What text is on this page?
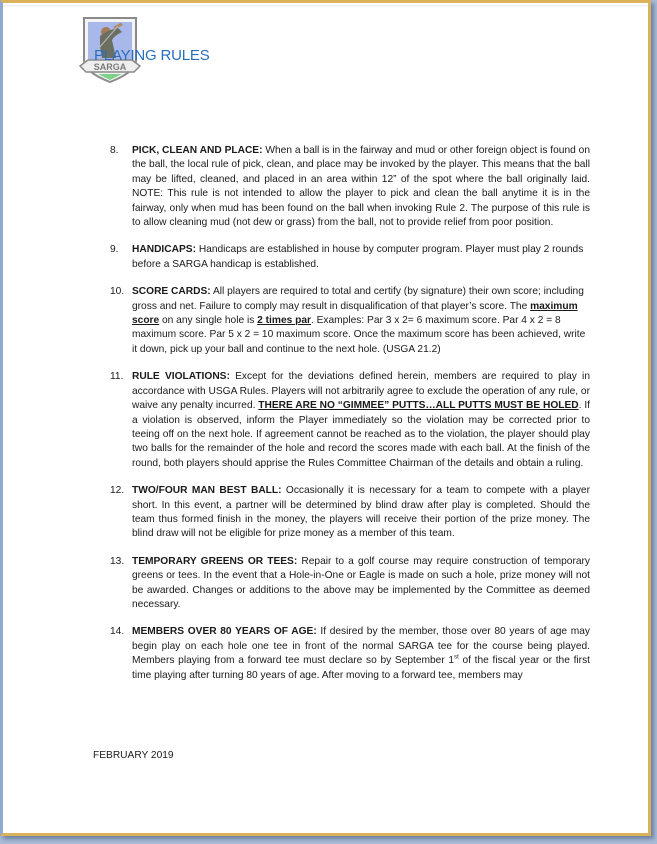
SARGA
PLAYING RULES
8.	PICK, CLEAN AND PLACE: When a ball is in the fairway and mud or other foreign object is found on the ball, the local rule of pick, clean, and place may be invoked by the player. This means that the ball may be lifted, cleaned, and placed in an area within 12” of the spot where the ball originally laid. NOTE: This rule is not intended to allow the player to pick and clean the ball anytime it is in the fairway, only when mud has been found on the ball when invoking Rule 2. The purpose of this rule is to allow cleaning mud (not dew or grass) from the ball, not to provide relief from poor position.
9.	HANDICAPS: Handicaps are established in house by computer program. Player must play 2 rounds before a SARGA handicap is established.
10. SCORE CARDS: All players are required to total and certify (by signature) their own score; including gross and net. Failure to comply may result in disqualification of that player’s score. The maximum score on any single hole is 2 times par. Examples: Par 3 x 2= 6 maximum score. Par 4 x 2 = 8 maximum score. Par 5 x 2 = 10 maximum score. Once the maximum score has been achieved, write it down, pick up your ball and continue to the next hole. (USGA 21.2)
11. RULE VIOLATIONS: Except for the deviations defined herein, members are required to play in accordance with USGA Rules. Players will not arbitrarily agree to exclude the operation of any rule, or waive any penalty incurred. THERE ARE NO “GIMMEE” PUTTS…ALL PUTTS MUST BE HOLED. If a violation is observed, inform the Player immediately so the violation may be corrected prior to teeing off on the next hole. If agreement cannot be reached as to the violation, the player should play two balls for the remainder of the hole and record the scores made with each ball. At the finish of the round, both players should apprise the Rules Committee Chairman of the details and obtain a ruling.
12. TWO/FOUR MAN BEST BALL: Occasionally it is necessary for a team to compete with a player short. In this event, a partner will be determined by blind draw after play is completed. Should the team thus formed finish in the money, the players will receive their portion of the prize money. The blind draw will not be eligible for prize money as a member of this team.
13. TEMPORARY GREENS OR TEES: Repair to a golf course may require construction of temporary greens or tees. In the event that a Hole-in-One or Eagle is made on such a hole, prize money will not be awarded. Changes or additions to the above may be implemented by the Committee as deemed necessary.
14. MEMBERS OVER 80 YEARS OF AGE: If desired by the member, those over 80 years of age may begin play on each hole one tee in front of the normal SARGA tee for the course being played. Members playing from a forward tee must declare so by September 1st of the fiscal year or the first time playing after turning 80 years of age. After moving to a forward tee, members may
FEBRUARY 2019
